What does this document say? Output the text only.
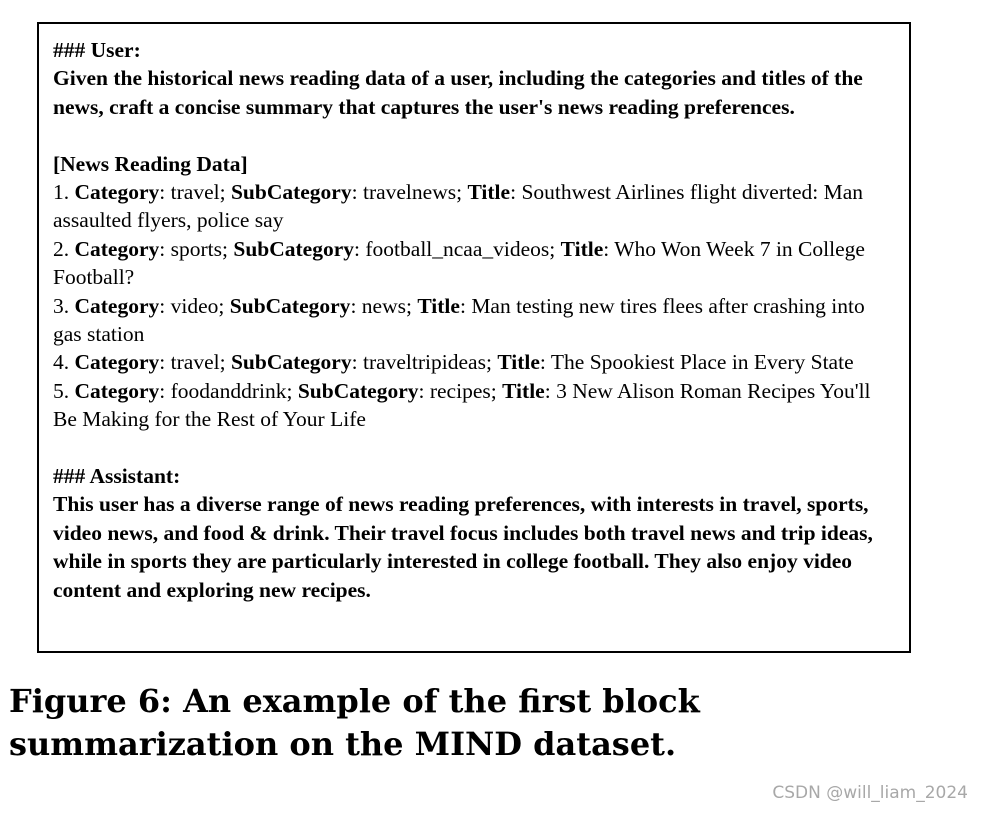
### User:

Given the historical news reading data of a user, including the categories and titles of the news, craft a concise summary that captures the user's news reading preferences.

[News Reading Data]

1. Category: travel; SubCategory: travelnews; Title: Southwest Airlines flight diverted: Man assaulted flyers, police say

2. Category: sports; SubCategory: football_ncaa_videos; Title: Who Won Week 7 in College Football?

3. Category: video; SubCategory: news; Title: Man testing new tires flees after crashing into gas station

4. Category: travel; SubCategory: traveltripideas; Title: The Spookiest Place in Every State

5. Category: foodanddrink; SubCategory: recipes; Title: 3 New Alison Roman Recipes You'll Be Making for the Rest of Your Life

### Assistant:

This user has a diverse range of news reading preferences, with interests in travel, sports, video news, and food & drink. Their travel focus includes both travel news and trip ideas, while in sports they are particularly interested in college football. They also enjoy video content and exploring new recipes.

Figure 6: An example of the first block summarization on the MIND dataset.

CSDN @will_liam_2024
